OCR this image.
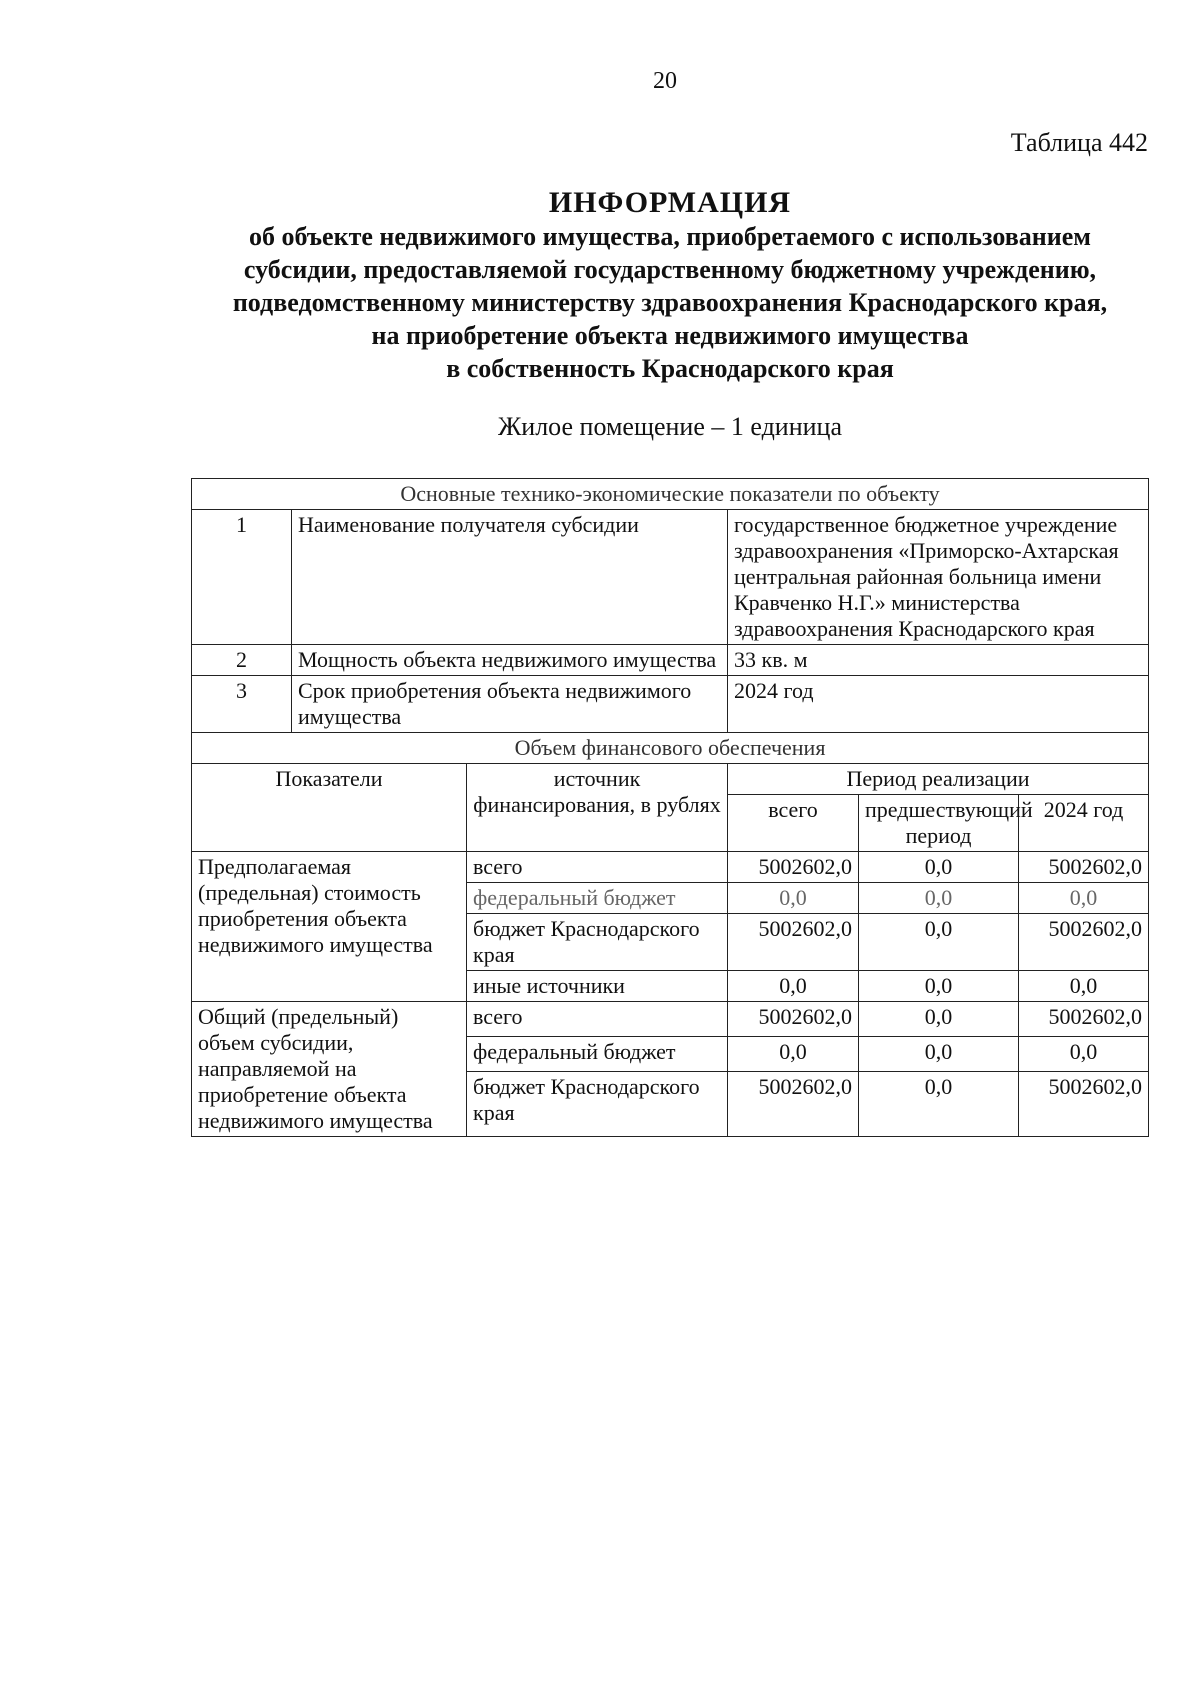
20
Таблица 442
ИНФОРМАЦИЯ
об объекте недвижимого имущества, приобретаемого с использованием
субсидии, предоставляемой государственному бюджетному учреждению,
подведомственному министерству здравоохранения Краснодарского края,
на приобретение объекта недвижимого имущества
в собственность Краснодарского края
Жилое помещение – 1 единица
Основные технико-экономические показатели по объекту					
1	Наименование получателя субсидии		государственное бюджетное учреждение здравоохранения «Приморско-Ахтарская центральная районная больница имени Кравченко Н.Г.» министерства здравоохранения Краснодарского края		
2	Мощность объекта недвижимого имущества		33 кв. м		
3	Срок приобретения объекта недвижимого имущества		2024 год		
Объем финансового обеспечения					
Показатели		источник финансирования, в рублях	Период реализации		
			всего	предшествующий период	2024 год
Предполагаемая (предельная) стоимость приобретения объекта недвижимого имущества		всего	5002602,0	0,0	5002602,0
		федеральный бюджет	0,0	0,0	0,0
		бюджет Краснодарского края	5002602,0	0,0	5002602,0
		иные источники	0,0	0,0	0,0
Общий (предельный) объем субсидии, направляемой на приобретение объекта недвижимого имущества		всего	5002602,0	0,0	5002602,0
		федеральный бюджет	0,0	0,0	0,0
		бюджет Краснодарского края	5002602,0	0,0	5002602,0
